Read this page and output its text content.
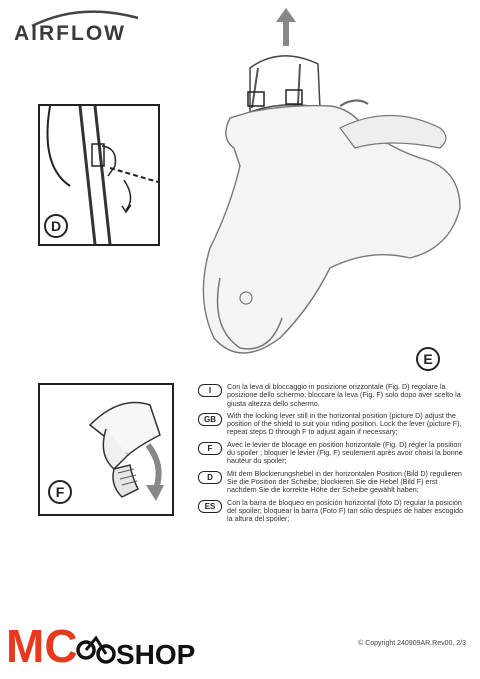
AIRFLOW
D
E
F
I	Con la leva di bloccaggio in posizione orizzontale (Fig. D) regolare la posizione dello schermo; bloccare la leva (Fig. F) solo dopo aver scelto la giusta altezza dello schermo.
GB	With the locking lever still in the horizontal position (picture D) adjust the position of the shield to suit your riding position. Lock the lever (picture F), repeat steps D through F to adjust again if necessary;
F	Avec le levier de blocage en position horizontale (Fig. D) régler la position du spoiler ; bloquer le levier (Fig. F) seulement après avoir choisi la bonne hauteur du spoiler;
D	Mit dem Blockierungshebel in der horizontalen Position (Bild D) regulieren Sie die Position der Scheibe; blockieren Sie die Hebel (Bild F) erst nachdem Sie die korrekte Höhe der Scheibe gewählt haben;
ES	Con la barra de bloqueo en posición horizontal (foto D) regular la posición del spoiler; bloquear la barra (Foto F) tan sólo después de haber escogido la altura del spoiler;
MC SHOP	© Copyright 240909AR.Rev00, 2/3
